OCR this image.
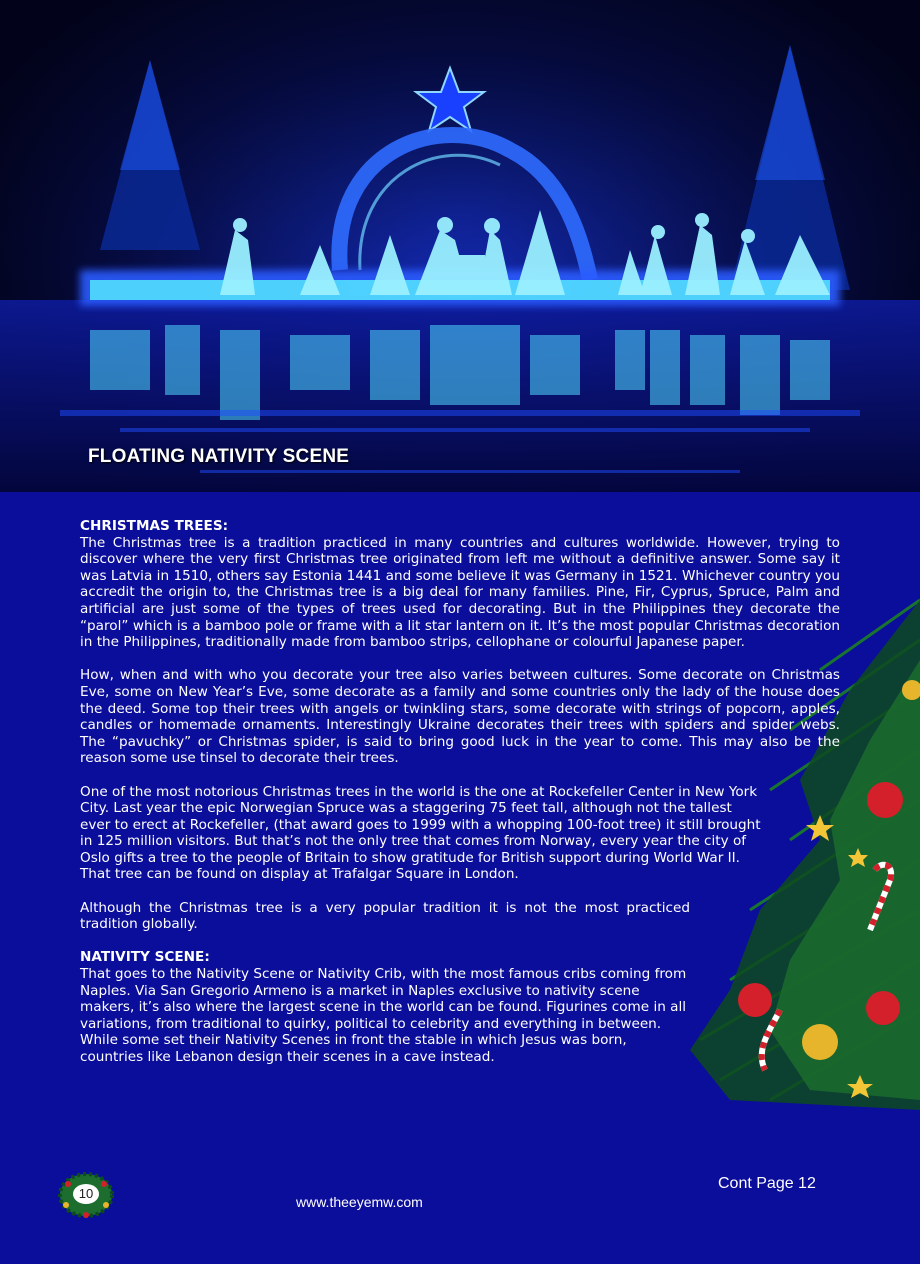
FLOATING NATIVITY SCENE
CHRISTMAS TREES:

The Christmas tree is a tradition practiced in many countries and cultures worldwide. However, trying to discover where the very first Christmas tree originated from left me without a definitive answer. Some say it was Latvia in 1510, others say Estonia 1441 and some believe it was Germany in 1521. Whichever country you accredit the origin to, the Christmas tree is a big deal for many families. Pine, Fir, Cyprus, Spruce, Palm and artificial are just some of the types of trees used for decorating. But in the Philippines they decorate the “parol” which is a bamboo pole or frame with a lit star lantern on it. It’s the most popular Christmas decoration in the Philippines, traditionally made from bamboo strips, cellophane or colourful Japanese paper.

How, when and with who you decorate your tree also varies between cultures. Some decorate on Christmas Eve, some on New Year’s Eve, some decorate as a family and some countries only the lady of the house does the deed. Some top their trees with angels or twinkling stars, some decorate with strings of popcorn, apples, candles or homemade ornaments. Interestingly Ukraine decorates their trees with spiders and spider webs. The “pavuchky” or Christmas spider, is said to bring good luck in the year to come. This may also be the reason some use tinsel to decorate their trees.

One of the most notorious Christmas trees in the world is the one at Rockefeller Center in New York City. Last year the epic Norwegian Spruce was a staggering 75 feet tall, although not the tallest ever to erect at Rockefeller, (that award goes to 1999 with a whopping 100-foot tree) it still brought in 125 million visitors. But that’s not the only tree that comes from Norway, every year the city of Oslo gifts a tree to the people of Britain to show gratitude for British support during World War II. That tree can be found on display at Trafalgar Square in London.

Although the Christmas tree is a very popular tradition it is not the most practiced tradition globally.

NATIVITY SCENE:

That goes to the Nativity Scene or Nativity Crib, with the most famous cribs coming from Naples. Via San Gregorio Armeno is a market in Naples exclusive to nativity scene makers, it’s also where the largest scene in the world can be found. Figurines come in all variations, from traditional to quirky, political to celebrity and everything in between. While some set their Nativity Scenes in front the stable in which Jesus was born, countries like Lebanon design their scenes in a cave instead.

10
Cont Page 12
www.theeyemw.com
